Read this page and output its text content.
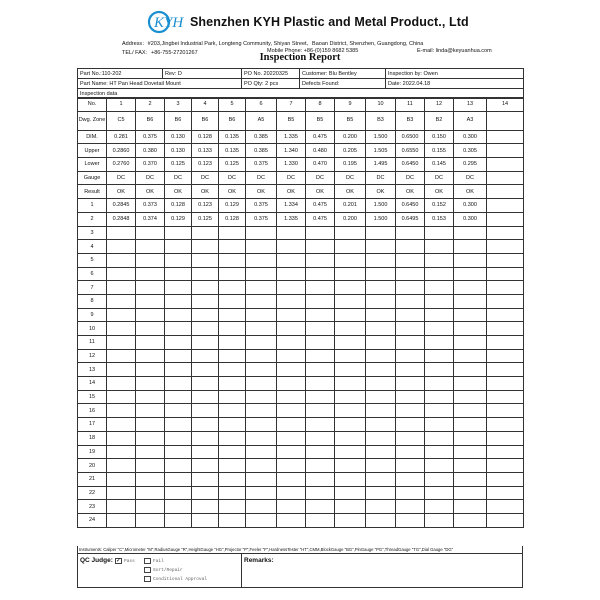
KYH Shenzhen KYH Plastic and Metal Product., Ltd
Address：#203,Jingbei Industrial Park, Longteng Community, Shiyan Street、Baoan District, Shenzhen, Guangdong, China
TEL/ FAX：+86-755-27201267	Mobile Phone: +86-(0)159 8682 5385	E-mail: linda@keyuanhua.com
Inspection Report
Part No.:110-202	Rev: D	PO No. 20220325	Customer: Blu Bentley	Inspection by: Owen
Part Name: HT Pan Head Dovetail Mount		PO Qty: 2 pcs	Defects Found:	Date: 2022.04.18
Inspection data				
No.	1	2	3	4	5	6	7	8	9	10	11	12	13	14
Dwg. Zone	C5	B6	B6	B6	B6	A5	B5	B5	B5	B3	B3	B2	A3	
DIM.	0.281	0.375	0.130	0.128	0.135	0.385	1.335	0.475	0.200	1.500	0.6500	0.150	0.300	
Upper	0.2860	0.380	0.130	0.133	0.135	0.385	1.340	0.480	0.205	1.505	0.6550	0.155	0.305	
Lower	0.2760	0.370	0.125	0.123	0.125	0.375	1.330	0.470	0.195	1.495	0.6450	0.145	0.295	
Gauge	DC	DC	DC	DC	DC	DC	DC	DC	DC	DC	DC	DC	DC	
Result	OK	OK	OK	OK	OK	OK	OK	OK	OK	OK	OK	OK	OK	
1	0.2845	0.373	0.128	0.123	0.129	0.375	1.334	0.475	0.201	1.500	0.6450	0.152	0.300	
2	0.2848	0.374	0.129	0.125	0.128	0.375	1.335	0.475	0.200	1.500	0.6495	0.153	0.300	
3														
4														
5														
6														
7														
8														
9														
10														
11														
12														
13														
14														
15														
16														
17														
18														
19														
20														
21														
22														
23														
24														
Instruments: Caliper "C",Micrometer "M",RadiusGauge "R",HeightGauge "HG",Projector "P",Feeler "F",HardnessTester "HT",CMM,BlockGauge "BG",PinGauge "PG",ThreadGauge "TG",Dial Gauge "DG"
QC Judge: ✓ Pass	Fail
Sort/Repair
Conditional Approval
Remarks:
